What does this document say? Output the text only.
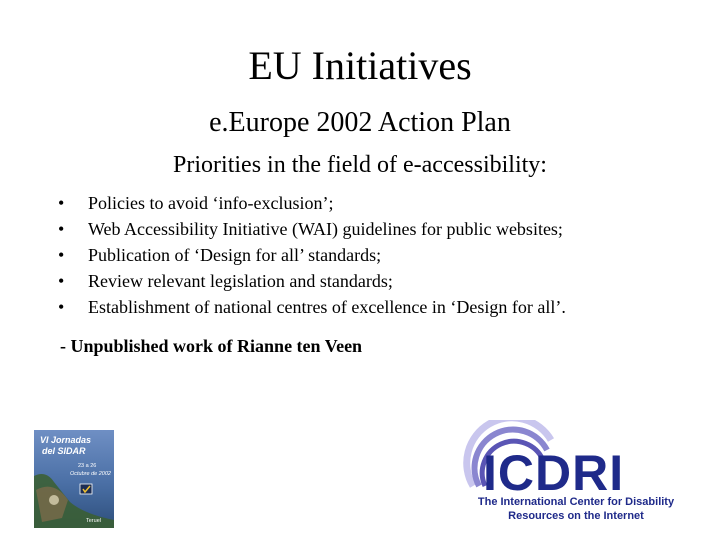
EU Initiatives
e.Europe 2002 Action Plan
Priorities in the field of e-accessibility:
• Policies to avoid ‘info-exclusion’;
• Web Accessibility Initiative (WAI) guidelines for public websites;
• Publication of ‘Design for all’ standards;
• Review relevant legislation and standards;
• Establishment of national centres of excellence in ‘Design for all’.
- Unpublished work of Rianne ten Veen
VI Jornadas
del SIDAR
23 a 26
Octubre de 2002
Teruel
ICDRI
The International Center for Disability
Resources on the Internet
